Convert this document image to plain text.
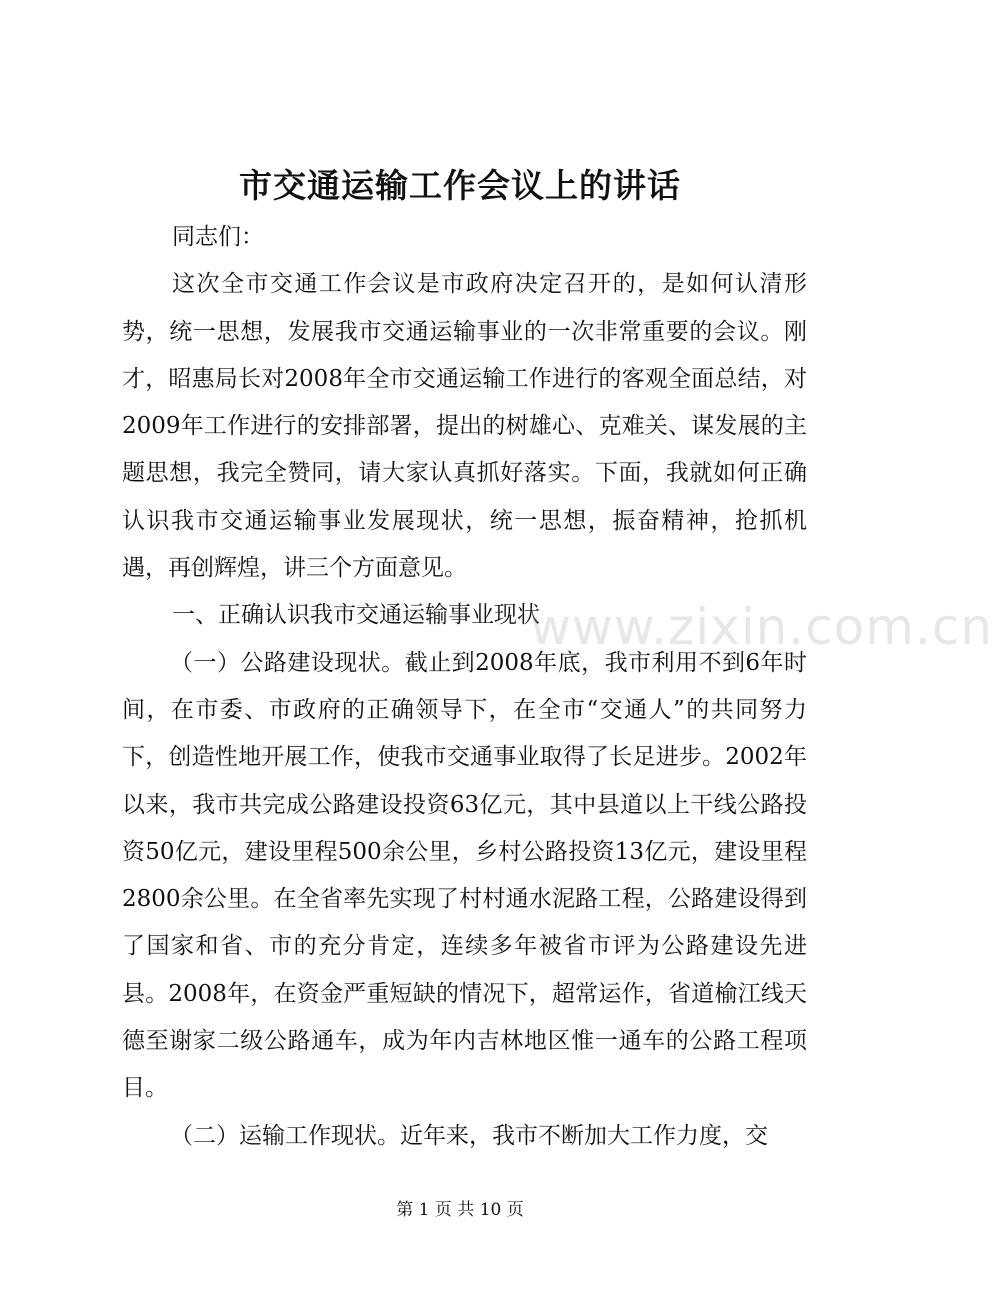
市交通运输工作会议上的讲话

同志们：

这次全市交通工作会议是市政府决定召开的，是如何认清形势，统一思想，发展我市交通运输事业的一次非常重要的会议。刚才，昭惠局长对2008年全市交通运输工作进行的客观全面总结，对2009年工作进行的安排部署，提出的树雄心、克难关、谋发展的主题思想，我完全赞同，请大家认真抓好落实。下面，我就如何正确认识我市交通运输事业发展现状，统一思想，振奋精神，抢抓机遇，再创辉煌，讲三个方面意见。

一、正确认识我市交通运输事业现状

（一）公路建设现状。截止到2008年底，我市利用不到6年时间，在市委、市政府的正确领导下，在全市“交通人”的共同努力下，创造性地开展工作，使我市交通事业取得了长足进步。2002年以来，我市共完成公路建设投资63亿元，其中县道以上干线公路投资50亿元，建设里程500余公里，乡村公路投资13亿元，建设里程2800余公里。在全省率先实现了村村通水泥路工程，公路建设得到了国家和省、市的充分肯定，连续多年被省市评为公路建设先进县。2008年，在资金严重短缺的情况下，超常运作，省道榆江线天德至谢家二级公路通车，成为年内吉林地区惟一通车的公路工程项目。

（二）运输工作现状。近年来，我市不断加大工作力度，交

www.zixin.com.cn
第 1 页 共 10 页
